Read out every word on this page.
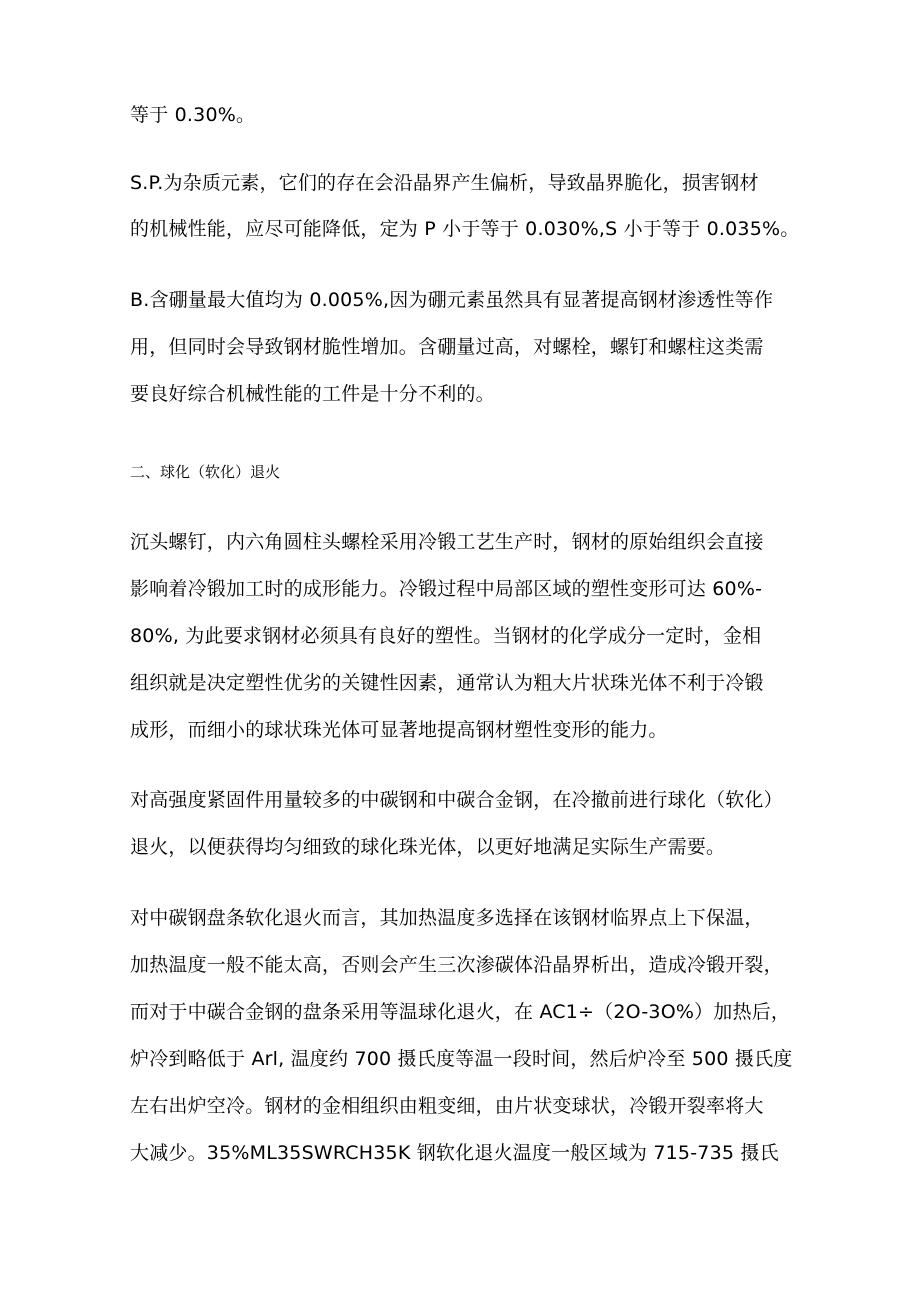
等于 0.30%。
S.P.为杂质元素，它们的存在会沿晶界产生偏析，导致晶界脆化，损害钢材
的机械性能，应尽可能降低，定为 P 小于等于 0.030%,S 小于等于 0.035%。
B.含硼量最大值均为 0.005%,因为硼元素虽然具有显著提高钢材渗透性等作
用，但同时会导致钢材脆性增加。含硼量过高，对螺栓，螺钉和螺柱这类需
要良好综合机械性能的工件是十分不利的。
二、球化（软化）退火
沉头螺钉，内六角圆柱头螺栓采用冷锻工艺生产时，钢材的原始组织会直接
影响着冷锻加工时的成形能力。冷锻过程中局部区域的塑性变形可达 60%-
80%, 为此要求钢材必须具有良好的塑性。当钢材的化学成分一定时，金相
组织就是决定塑性优劣的关键性因素，通常认为粗大片状珠光体不利于冷锻
成形，而细小的球状珠光体可显著地提高钢材塑性变形的能力。
对高强度紧固件用量较多的中碳钢和中碳合金钢，在冷撤前进行球化（软化）
退火，以便获得均匀细致的球化珠光体，以更好地满足实际生产需要。
对中碳钢盘条软化退火而言，其加热温度多选择在该钢材临界点上下保温，
加热温度一般不能太高，否则会产生三次渗碳体沿晶界析出，造成冷锻开裂，
而对于中碳合金钢的盘条采用等温球化退火，在 AC1÷（2O-3O%）加热后，
炉冷到略低于 Arl, 温度约 700 摄氏度等温一段时间，然后炉冷至 500 摄氏度
左右出炉空冷。钢材的金相组织由粗变细，由片状变球状，冷锻开裂率将大
大减少。35%ML35SWRCH35K 钢软化退火温度一般区域为 715-735 摄氏
